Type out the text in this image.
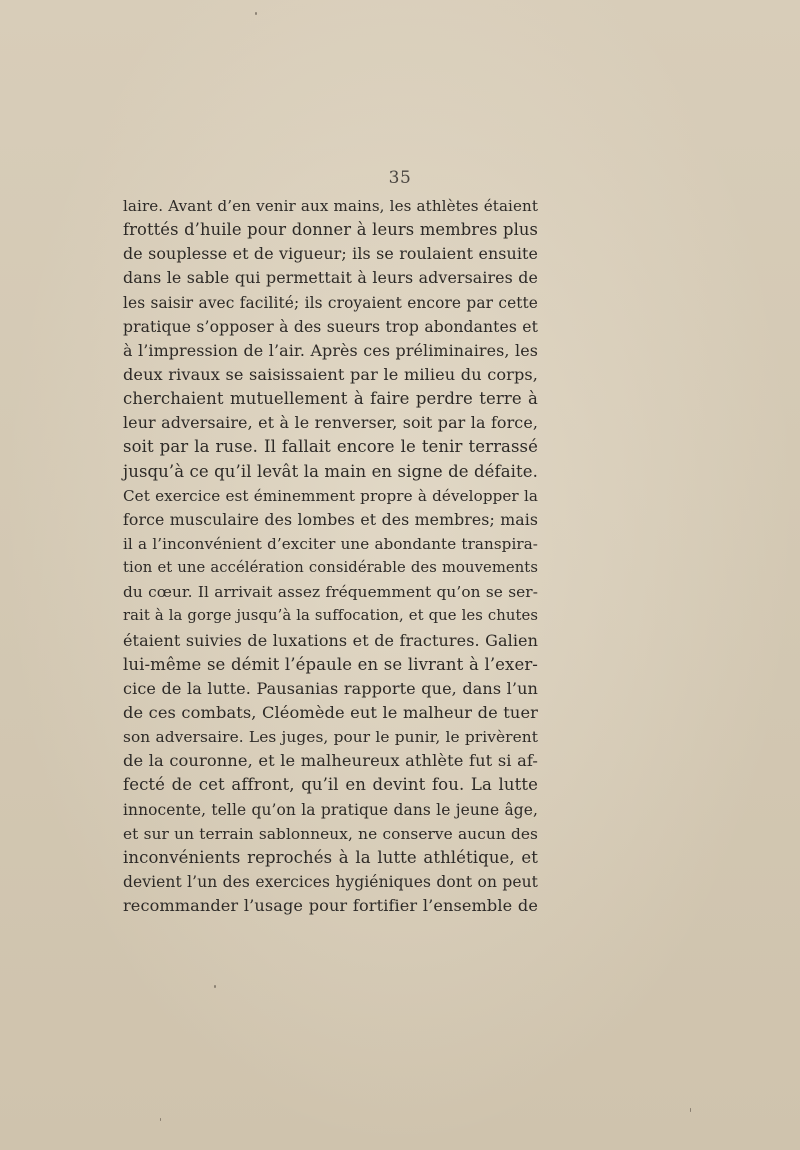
35
laire. Avant d’en venir aux mains, les athlètes étaient
frottés d’huile pour donner à leurs membres plus
de souplesse et de vigueur; ils se roulaient ensuite
dans le sable qui permettait à leurs adversaires de
les saisir avec facilité; ils croyaient encore par cette
pratique s’opposer à des sueurs trop abondantes et
à l’impression de l’air. Après ces préliminaires, les
deux rivaux se saisissaient par le milieu du corps,
cherchaient mutuellement à faire perdre terre à
leur adversaire, et à le renverser, soit par la force,
soit par la ruse. Il fallait encore le tenir terrassé
jusqu’à ce qu’il levât la main en signe de défaite.
Cet exercice est éminemment propre à développer la
force musculaire des lombes et des membres; mais
il a l’inconvénient d’exciter une abondante transpira-
tion et une accélération considérable des mouvements
du cœur. Il arrivait assez fréquemment qu’on se ser-
rait à la gorge jusqu’à la suffocation, et que les chutes
étaient suivies de luxations et de fractures. Galien
lui-même se démit l’épaule en se livrant à l’exer-
cice de la lutte. Pausanias rapporte que, dans l’un
de ces combats, Cléomède eut le malheur de tuer
son adversaire. Les juges, pour le punir, le privèrent
de la couronne, et le malheureux athlète fut si af-
fecté de cet affront, qu’il en devint fou. La lutte
innocente, telle qu’on la pratique dans le jeune âge,
et sur un terrain sablonneux, ne conserve aucun des
inconvénients reprochés à la lutte athlétique, et
devient l’un des exercices hygiéniques dont on peut
recommander l’usage pour fortifier l’ensemble de
